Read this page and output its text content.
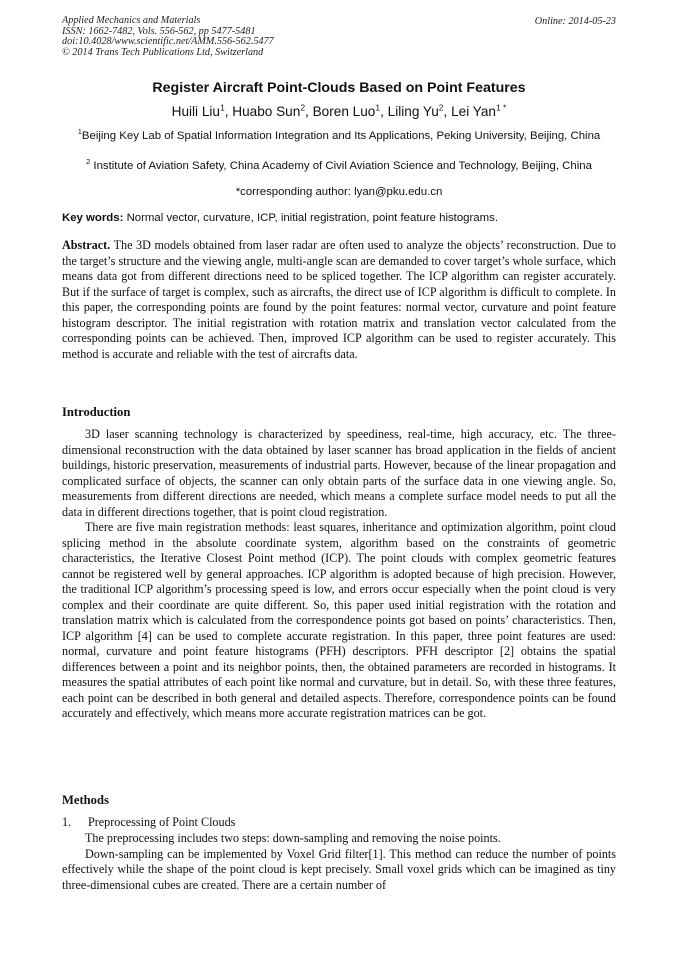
Applied Mechanics and Materials
ISSN: 1662-7482, Vols. 556-562, pp 5477-5481
doi:10.4028/www.scientific.net/AMM.556-562.5477
© 2014 Trans Tech Publications Ltd, Switzerland
Online: 2014-05-23
Register Aircraft Point-Clouds Based on Point Features
Huili Liu$^1$, Huabo Sun$^2$, Boren Luo$^1$, Liling Yu$^2$, Lei Yan$^{1 *}$
$^1$Beijing Key Lab of Spatial Information Integration and Its Applications, Peking University, Beijing, China
$^2$ Institute of Aviation Safety, China Academy of Civil Aviation Science and Technology, Beijing, China
*corresponding author: lyan@pku.edu.cn
Key words: Normal vector, curvature, ICP, initial registration, point feature histograms.

Abstract. The 3D models obtained from laser radar are often used to analyze the objects’ reconstruction. Due to the target’s structure and the viewing angle, multi-angle scan are demanded to cover target’s whole surface, which means data got from different directions need to be spliced together. The ICP algorithm can register accurately. But if the surface of target is complex, such as aircrafts, the direct use of ICP algorithm is difficult to complete. In this paper, the corresponding points are found by the point features: normal vector, curvature and point feature histogram descriptor. The initial registration with rotation matrix and translation vector calculated from the corresponding points can be achieved. Then, improved ICP algorithm can be used to register accurately. This method is accurate and reliable with the test of aircrafts data.

Introduction

3D laser scanning technology is characterized by speediness, real-time, high accuracy, etc. The three-dimensional reconstruction with the data obtained by laser scanner has broad application in the fields of ancient buildings, historic preservation, measurements of industrial parts. However, because of the linear propagation and complicated surface of objects, the scanner can only obtain parts of the surface data in one viewing angle. So, measurements from different directions are needed, which means a complete surface model needs to put all the data in different directions together, that is point cloud registration.

There are five main registration methods: least squares, inheritance and optimization algorithm, point cloud splicing method in the absolute coordinate system, algorithm based on the constraints of geometric characteristics, the Iterative Closest Point method (ICP). The point clouds with complex geometric features cannot be registered well by general approaches. ICP algorithm is adopted because of high precision. However, the traditional ICP algorithm’s processing speed is low, and errors occur especially when the point cloud is very complex and their coordinate are quite different. So, this paper used initial registration with the rotation and translation matrix which is calculated from the correspondence points got based on points’ characteristics. Then, ICP algorithm [4] can be used to complete accurate registration. In this paper, three point features are used: normal, curvature and point feature histograms (PFH) descriptors. PFH descriptor [2] obtains the spatial differences between a point and its neighbor points, then, the obtained parameters are recorded in histograms. It measures the spatial attributes of each point like normal and curvature, but in detail. So, with these three features, each point can be described in both general and detailed aspects. Therefore, correspondence points can be found accurately and effectively, which means more accurate registration matrices can be got.

Methods
1. Preprocessing of Point Clouds

The preprocessing includes two steps: down-sampling and removing the noise points.

Down-sampling can be implemented by Voxel Grid filter[1]. This method can reduce the number of points effectively while the shape of the point cloud is kept precisely. Small voxel grids which can be imagined as tiny three-dimensional cubes are created. There are a certain number of
